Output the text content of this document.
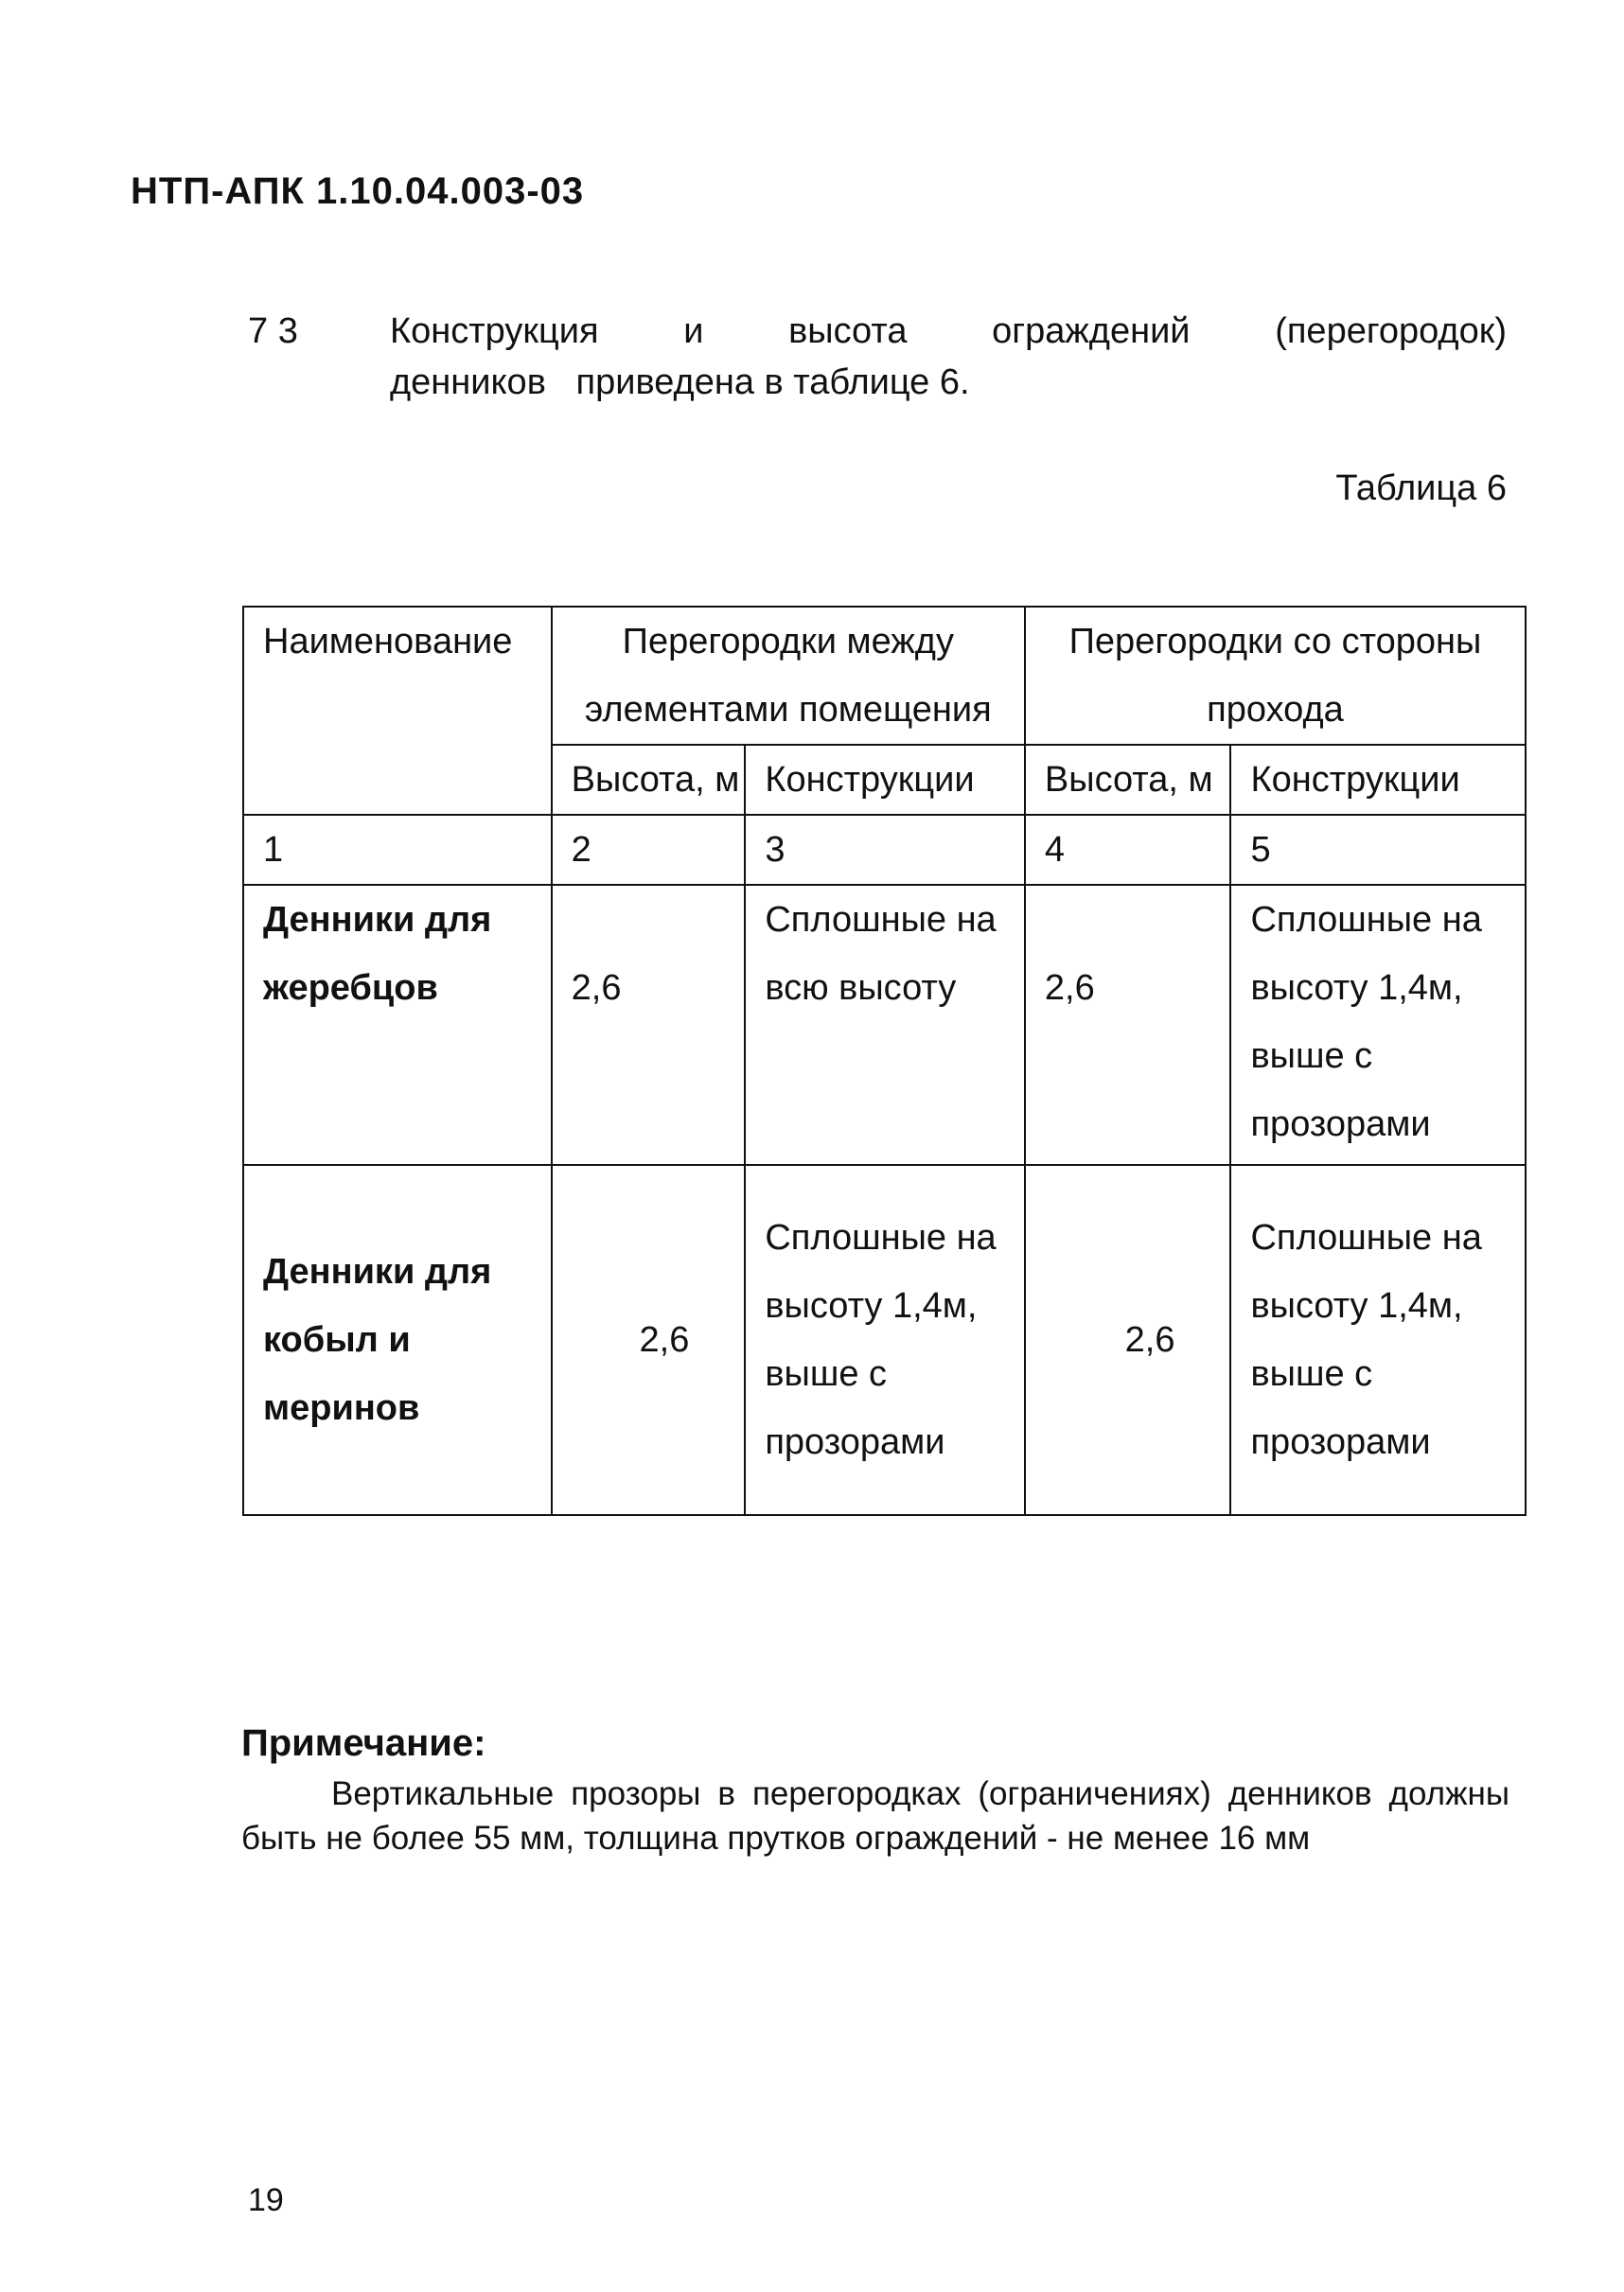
НТП-АПК 1.10.04.003-03
7 3	Конструкция и высота ограждений (перегородок)
денников   приведена в таблице 6.
Таблица 6
Наименование	Перегородки между элементами помещения		Перегородки со стороны прохода	
	Высота, м	Конструкции	Высота, м	Конструкции
1	2	3	4	5
Денники для жеребцов	2,6	Сплошные на всю высоту	2,6	Сплошные на высоту 1,4м, выше с прозорами
Денники для кобыл и меринов	2,6	Сплошные на высоту 1,4м, выше с прозорами	2,6	Сплошные на высоту 1,4м, выше с прозорами
Примечание:
Вертикальные прозоры в перегородках (ограничениях) денников должны быть не более 55 мм, толщина прутков ограждений - не менее 16 мм
19
